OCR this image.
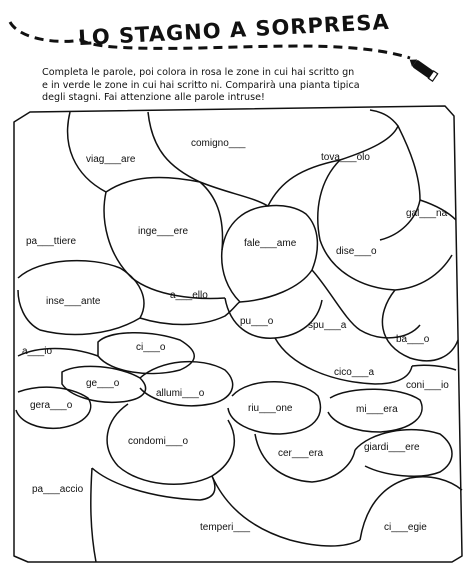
LO STAGNO A SORPRESA
Completa le parole, poi colora in rosa le zone in cui hai scritto gn
e in verde le zone in cui hai scritto ni. Comparirà una pianta tipica
degli stagni. Fai attenzione alle parole intruse!
comigno___
viag___are	tova___olo
gal___na
inge___ere
fale___ame
pa___ttiere
dise___o
inse___ante
a___ello
pu___o	spu___a
ba___o
a___io	ci___o
cico___a
coni___io
ge___o
allumi___o
gera___o	riu___one	mi___era
condomi___o
cer___era
giardi___ere
pa___accio
temperi___	ci___egie
